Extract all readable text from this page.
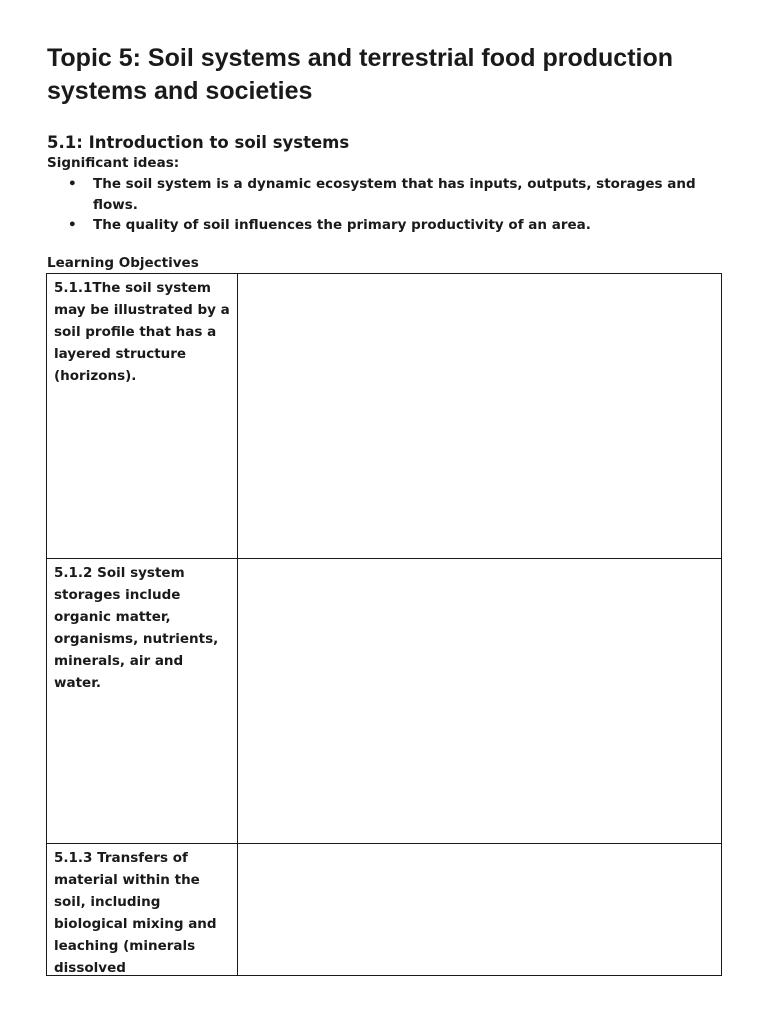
Topic 5: Soil systems and terrestrial food production systems and societies
5.1: Introduction to soil systems
Significant ideas:
• The soil system is a dynamic ecosystem that has inputs, outputs, storages and flows.
• The quality of soil influences the primary productivity of an area.
Learning Objectives
5.1.1The soil system may be illustrated by a soil profile that has a layered structure (horizons).	

5.1.2 Soil system storages include organic matter, organisms, nutrients, minerals, air and water.	

5.1.3 Transfers of material within the soil, including biological mixing and leaching (minerals dissolved	
